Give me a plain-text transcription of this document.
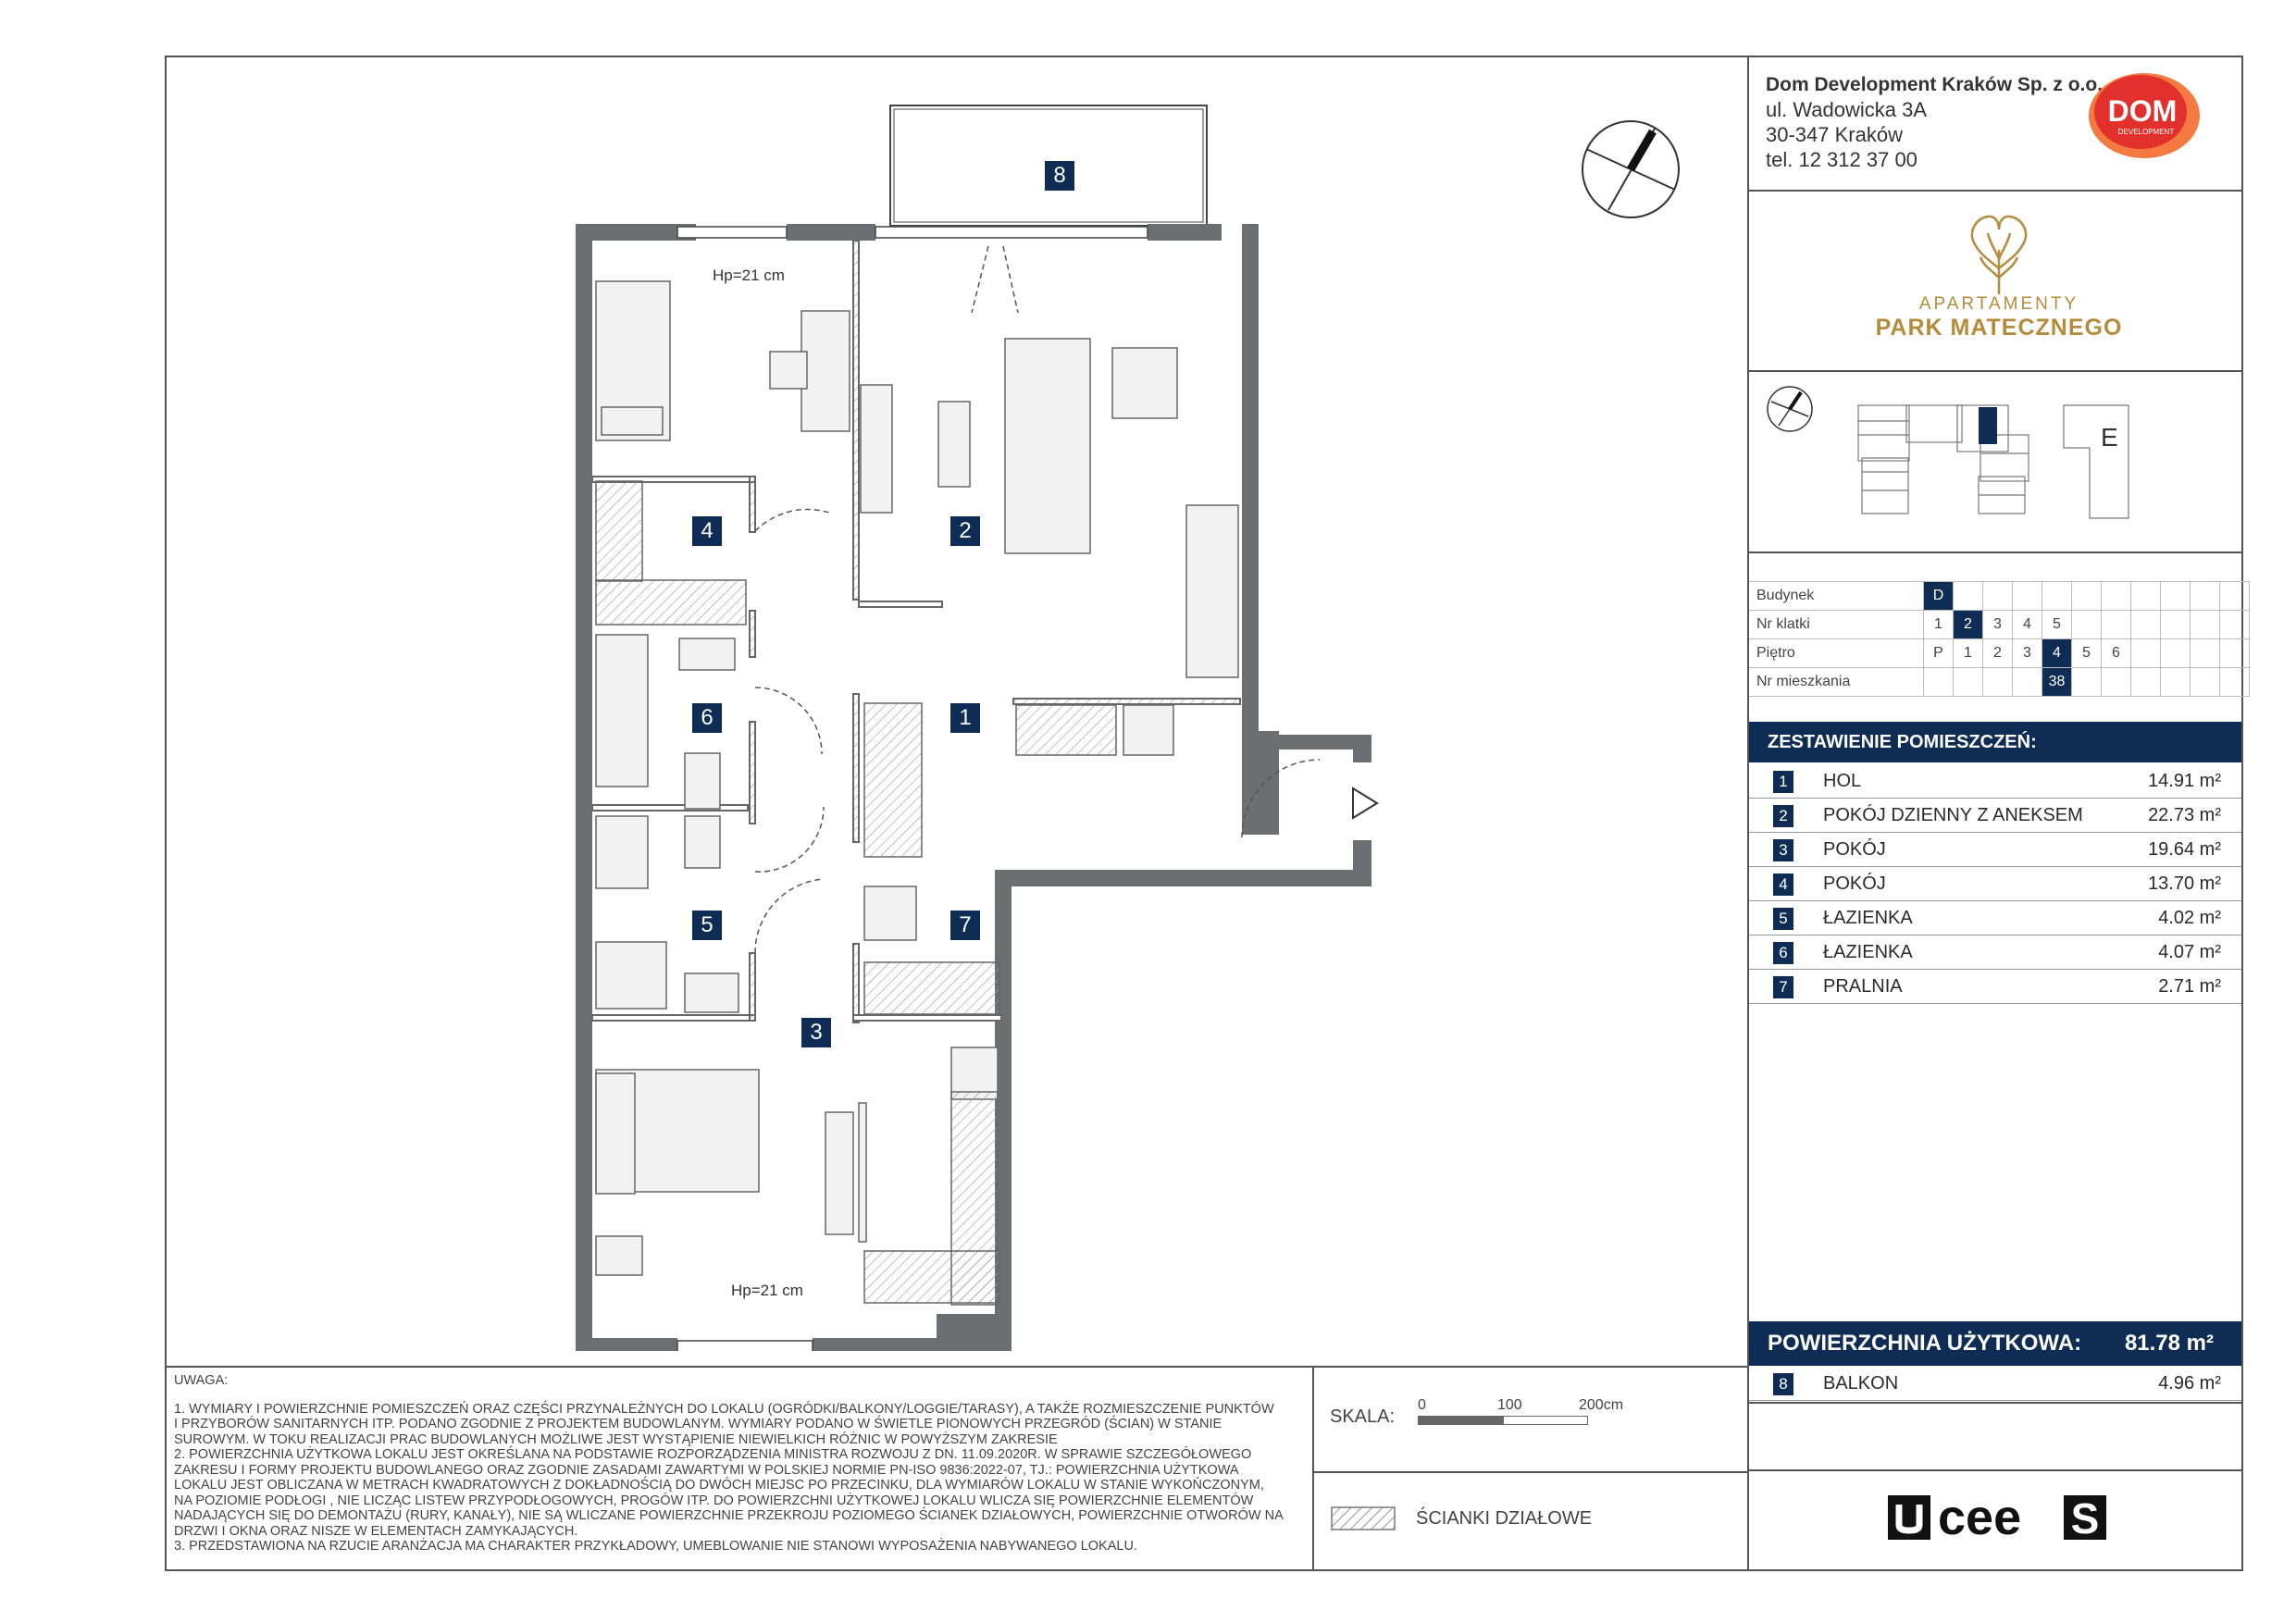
Dom Development Kraków Sp. z o.o.
ul. Wadowicka 3A
30-347 Kraków
tel. 12 312 37 00
DOM
DEVELOPMENT
APARTAMENTY
PARK MATECZNEGO
E
Budynek	D										
Nr klatki	1	2	3	4	5						
Piętro	P	1	2	3	4	5	6				
Nr mieszkania					38						
ZESTAWIENIE POMIESZCZEŃ:
1	HOL	14.91 m²
2	POKÓJ DZIENNY Z ANEKSEM	22.73 m²
3	POKÓJ	19.64 m²
4	POKÓJ	13.70 m²
5	ŁAZIENKA	4.02 m²
6	ŁAZIENKA	4.07 m²
7	PRALNIA	2.71 m²
POWIERZCHNIA UŻYTKOWA: 81.78 m²
8	BALKON	4.96 m²
cee S
UWAGA:
1. WYMIARY I POWIERZCHNIE POMIESZCZEŃ ORAZ CZĘŚCI PRZYNALEŻNYCH DO LOKALU (OGRÓDKI/BALKONY/LOGGIE/TARASY), A TAKŻE ROZMIESZCZENIE PUNKTÓW
I PRZYBORÓW SANITARNYCH ITP. PODANO ZGODNIE Z PROJEKTEM BUDOWLANYM. WYMIARY PODANO W ŚWIETLE PIONOWYCH PRZEGRÓD (ŚCIAN) W STANIE
SUROWYM. W TOKU REALIZACJI PRAC BUDOWLANYCH MOŻLIWE JEST WYSTĄPIENIE NIEWIELKICH RÓŻNIC W POWYŻSZYM ZAKRESIE
2. POWIERZCHNIA UŻYTKOWA LOKALU JEST OKREŚLANA NA PODSTAWIE ROZPORZĄDZENIA MINISTRA ROZWOJU Z DN. 11.09.2020R. W SPRAWIE SZCZEGÓŁOWEGO
ZAKRESU I FORMY PROJEKTU BUDOWLANEGO ORAZ ZGODNIE ZASADAMI ZAWARTYMI W POLSKIEJ NORMIE PN-ISO 9836:2022-07, TJ.: POWIERZCHNIA UŻYTKOWA
LOKALU JEST OBLICZANA W METRACH KWADRATOWYCH Z DOKŁADNOŚCIĄ DO DWÓCH MIEJSC PO PRZECINKU, DLA WYMIARÓW LOKALU W STANIE WYKOŃCZONYM,
NA POZIOMIE PODŁOGI , NIE LICZĄC LISTEW PRZYPODŁOGOWYCH, PROGÓW ITP. DO POWIERZCHNI UŻYTKOWEJ LOKALU WLICZA SIĘ POWIERZCHNIE ELEMENTÓW
NADAJĄCYCH SIĘ DO DEMONTAŻU (RURY, KANAŁY), NIE SĄ WLICZANE POWIERZCHNIE PRZEKROJU POZIOMEGO ŚCIANEK DZIAŁOWYCH, POWIERZCHNIE OTWORÓW NA
DRZWI I OKNA ORAZ NISZE W ELEMENTACH ZAMYKAJĄCYCH.
3. PRZEDSTAWIONA NA RZUCIE ARANŻACJA MA CHARAKTER PRZYKŁADOWY, UMEBLOWANIE NIE STANOWI WYPOSAŻENIA NABYWANEGO LOKALU.
SKALA:
0	100	200cm
ŚCIANKI DZIAŁOWE
Hp=21 cm
Hp=21 cm
8
4	2
6	1
5	7
3
